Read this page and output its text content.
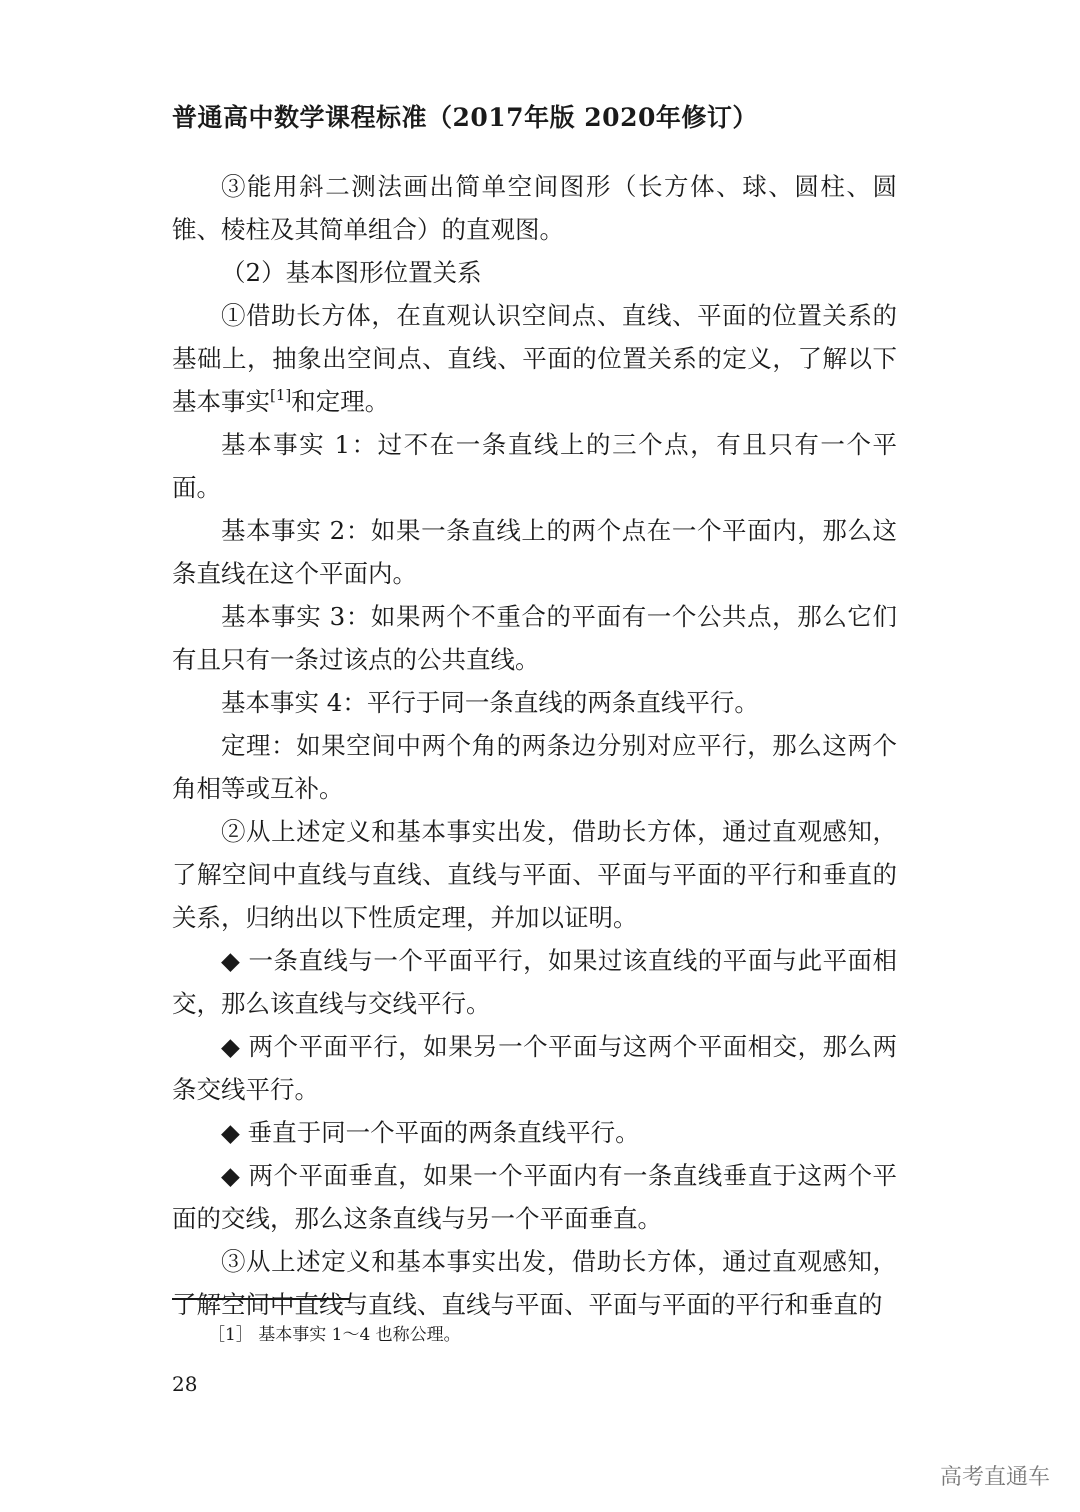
普通高中数学课程标准（2017年版 2020年修订）

③能用斜二测法画出简单空间图形（长方体、球、圆柱、圆锥、棱柱及其简单组合）的直观图。

（2）基本图形位置关系

①借助长方体，在直观认识空间点、直线、平面的位置关系的基础上，抽象出空间点、直线、平面的位置关系的定义，了解以下基本事实[1]和定理。

基本事实 1：过不在一条直线上的三个点，有且只有一个平面。

基本事实 2：如果一条直线上的两个点在一个平面内，那么这条直线在这个平面内。

基本事实 3：如果两个不重合的平面有一个公共点，那么它们有且只有一条过该点的公共直线。

基本事实 4：平行于同一条直线的两条直线平行。

定理：如果空间中两个角的两条边分别对应平行，那么这两个角相等或互补。

②从上述定义和基本事实出发，借助长方体，通过直观感知，了解空间中直线与直线、直线与平面、平面与平面的平行和垂直的关系，归纳出以下性质定理，并加以证明。

◆ 一条直线与一个平面平行，如果过该直线的平面与此平面相交，那么该直线与交线平行。

◆ 两个平面平行，如果另一个平面与这两个平面相交，那么两条交线平行。

◆ 垂直于同一个平面的两条直线平行。

◆ 两个平面垂直，如果一个平面内有一条直线垂直于这两个平面的交线，那么这条直线与另一个平面垂直。

③从上述定义和基本事实出发，借助长方体，通过直观感知，了解空间中直线与直线、直线与平面、平面与平面的平行和垂直的

［1］ 基本事实 1～4 也称公理。
28
高考直通车
